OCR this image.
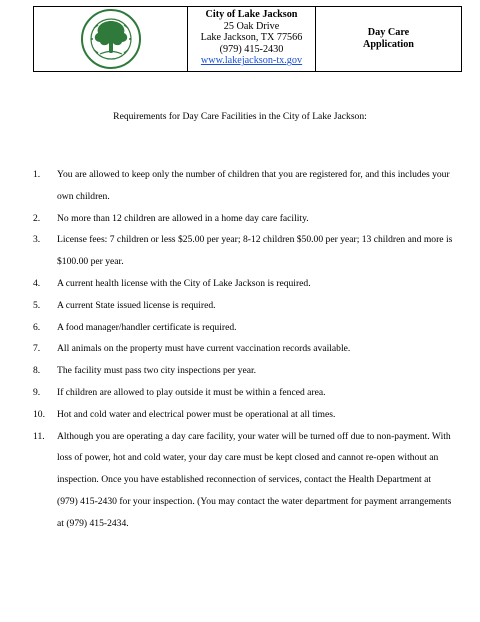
City of Lake Jackson
25 Oak Drive
Lake Jackson, TX 77566
(979) 415-2430
www.lakejackson-tx.gov
Day Care
Application
Requirements for Day Care Facilities in the City of Lake Jackson:
1. You are allowed to keep only the number of children that you are registered for, and this includes your own children.
2. No more than 12 children are allowed in a home day care facility.
3. License fees: 7 children or less $25.00 per year; 8-12 children $50.00 per year; 13 children and more is $100.00 per year.
4. A current health license with the City of Lake Jackson is required.
5. A current State issued license is required.
6. A food manager/handler certificate is required.
7. All animals on the property must have current vaccination records available.
8. The facility must pass two city inspections per year.
9. If children are allowed to play outside it must be within a fenced area.
10. Hot and cold water and electrical power must be operational at all times.
11. Although you are operating a day care facility, your water will be turned off due to non-payment. With loss of power, hot and cold water, your day care must be kept closed and cannot re-open without an inspection. Once you have established reconnection of services, contact the Health Department at (979) 415-2430 for your inspection. (You may contact the water department for payment arrangements at (979) 415-2434.
